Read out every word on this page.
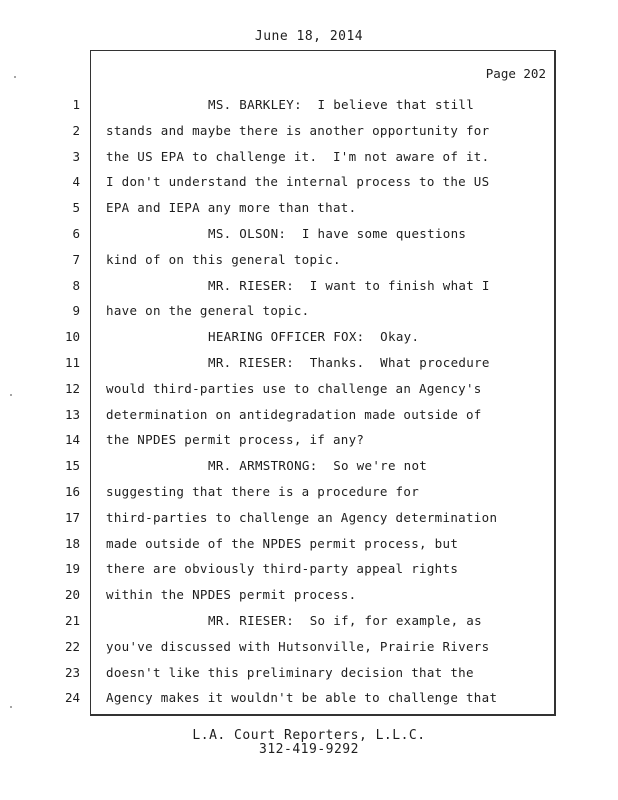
June 18, 2014
Page 202
1	MS. BARKLEY:  I believe that still
2 stands and maybe there is another opportunity for
3 the US EPA to challenge it.  I'm not aware of it.
4 I don't understand the internal process to the US
5 EPA and IEPA any more than that.
6	MS. OLSON:  I have some questions
7 kind of on this general topic.
8	MR. RIESER:  I want to finish what I
9 have on the general topic.
10	HEARING OFFICER FOX:  Okay.
11	MR. RIESER:  Thanks.  What procedure
12 would third-parties use to challenge an Agency's
13 determination on antidegradation made outside of
14 the NPDES permit process, if any?
15	MR. ARMSTRONG:  So we're not
16 suggesting that there is a procedure for
17 third-parties to challenge an Agency determination
18 made outside of the NPDES permit process, but
19 there are obviously third-party appeal rights
20 within the NPDES permit process.
21	MR. RIESER:  So if, for example, as
22 you've discussed with Hutsonville, Prairie Rivers
23 doesn't like this preliminary decision that the
24 Agency makes it wouldn't be able to challenge that
L.A. Court Reporters, L.L.C.
312-419-9292
